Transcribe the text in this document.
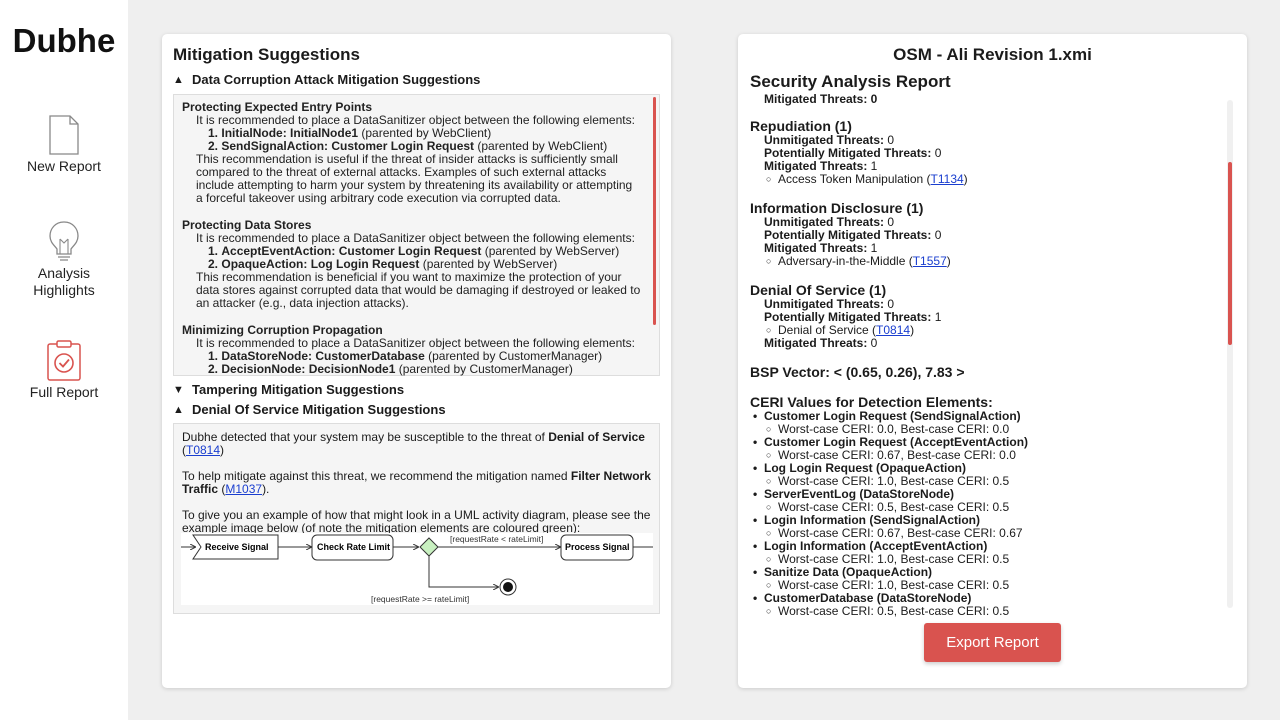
Dubhe
New Report
Analysis
Highlights
Full Report
Mitigation Suggestions
▲ Data Corruption Attack Mitigation Suggestions
Protecting Expected Entry Points
It is recommended to place a DataSanitizer object between the following elements:
1. InitialNode: InitialNode1 (parented by WebClient)
2. SendSignalAction: Customer Login Request (parented by WebClient)
This recommendation is useful if the threat of insider attacks is sufficiently small
compared to the threat of external attacks. Examples of such external attacks
include attempting to harm your system by threatening its availability or attempting
a forceful takeover using arbitrary code execution via corrupted data.
Protecting Data Stores
It is recommended to place a DataSanitizer object between the following elements:
1. AcceptEventAction: Customer Login Request (parented by WebServer)
2. OpaqueAction: Log Login Request (parented by WebServer)
This recommendation is beneficial if you want to maximize the protection of your
data stores against corrupted data that would be damaging if destroyed or leaked to
an attacker (e.g., data injection attacks).
Minimizing Corruption Propagation
It is recommended to place a DataSanitizer object between the following elements:
1. DataStoreNode: CustomerDatabase (parented by CustomerManager)
2. DecisionNode: DecisionNode1 (parented by CustomerManager)
▼ Tampering Mitigation Suggestions
▲ Denial Of Service Mitigation Suggestions

Dubhe detected that your system may be susceptible to the threat of Denial of Service
(T0814)

To help mitigate against this threat, we recommend the mitigation named Filter Network Traffic (M1037).

To give you an example of how that might look in a UML activity diagram, please see the
example image below (of note the mitigation elements are coloured green):
Receive Signal	Check Rate Limit
[requestRate < rateLimit]
Process Signal
[requestRate >= rateLimit]
OSM - Ali Revision 1.xmi
Security Analysis Report
Mitigated Threats: 0
Repudiation (1)
Unmitigated Threats: 0
Potentially Mitigated Threats: 0
Mitigated Threats: 1
○ Access Token Manipulation (T1134)
Information Disclosure (1)
Unmitigated Threats: 0
Potentially Mitigated Threats: 0
Mitigated Threats: 1
○ Adversary-in-the-Middle (T1557)
Denial Of Service (1)
Unmitigated Threats: 0
Potentially Mitigated Threats: 1
○ Denial of Service (T0814)
Mitigated Threats: 0
BSP Vector: < (0.65, 0.26), 7.83 >
CERI Values for Detection Elements:
• Customer Login Request (SendSignalAction)
○ Worst-case CERI: 0.0, Best-case CERI: 0.0
• Customer Login Request (AcceptEventAction)
○ Worst-case CERI: 0.67, Best-case CERI: 0.0
• Log Login Request (OpaqueAction)
○ Worst-case CERI: 1.0, Best-case CERI: 0.5
• ServerEventLog (DataStoreNode)
○ Worst-case CERI: 0.5, Best-case CERI: 0.5
• Login Information (SendSignalAction)
○ Worst-case CERI: 0.67, Best-case CERI: 0.67
• Login Information (AcceptEventAction)
○ Worst-case CERI: 1.0, Best-case CERI: 0.5
• Sanitize Data (OpaqueAction)
○ Worst-case CERI: 1.0, Best-case CERI: 0.5
• CustomerDatabase (DataStoreNode)
○ Worst-case CERI: 0.5, Best-case CERI: 0.5
Export Report
